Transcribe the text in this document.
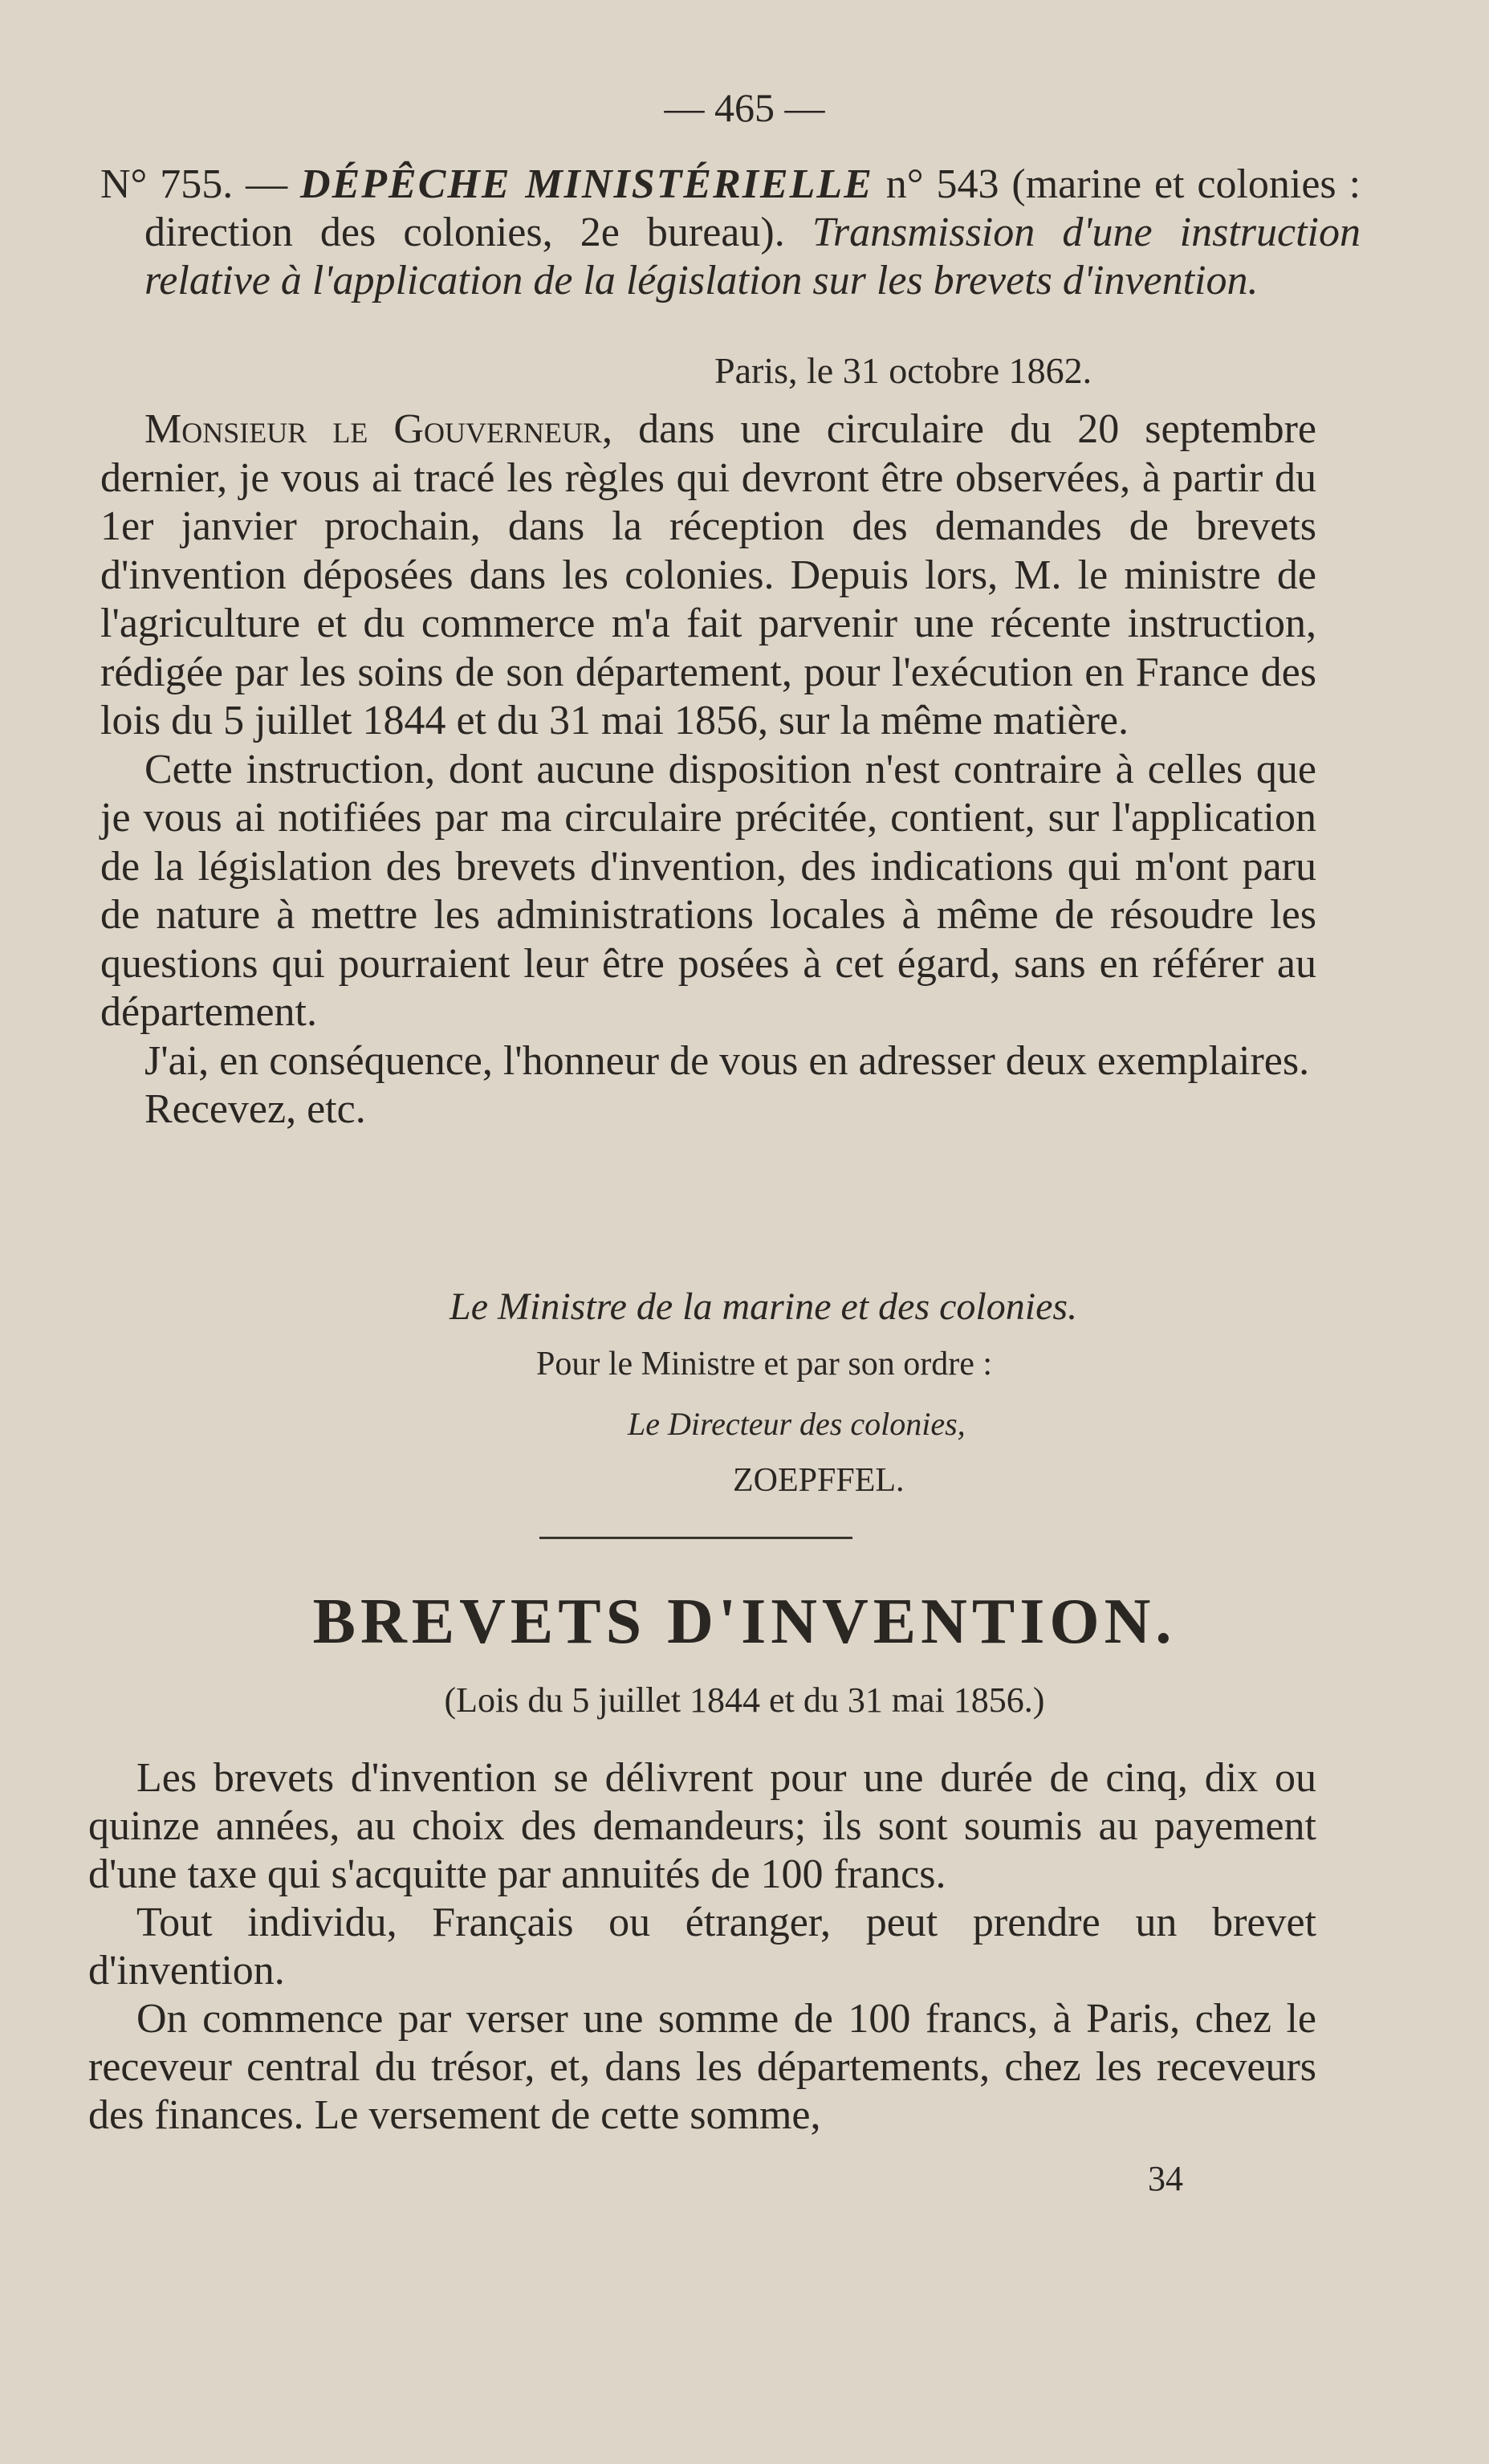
— 465 —
N° 755. — DÉPÊCHE MINISTÉRIELLE n° 543 (marine et colonies : direction des colonies, 2e bureau). Transmission d'une instruction relative à l'application de la législation sur les brevets d'invention.
Paris, le 31 octobre 1862.

Monsieur le Gouverneur, dans une circulaire du 20 septembre dernier, je vous ai tracé les règles qui devront être observées, à partir du 1er janvier prochain, dans la réception des demandes de brevets d'invention déposées dans les colonies. Depuis lors, M. le ministre de l'agriculture et du commerce m'a fait parvenir une récente instruction, rédigée par les soins de son département, pour l'exécution en France des lois du 5 juillet 1844 et du 31 mai 1856, sur la même matière.

Cette instruction, dont aucune disposition n'est contraire à celles que je vous ai notifiées par ma circulaire précitée, contient, sur l'application de la législation des brevets d'invention, des indications qui m'ont paru de nature à mettre les administrations locales à même de résoudre les questions qui pourraient leur être posées à cet égard, sans en référer au département.

J'ai, en conséquence, l'honneur de vous en adresser deux exemplaires.

Recevez, etc.

Le Ministre de la marine et des colonies.
Pour le Ministre et par son ordre :
Le Directeur des colonies,
ZOEPFFEL.
BREVETS D'INVENTION.
(Lois du 5 juillet 1844 et du 31 mai 1856.)

Les brevets d'invention se délivrent pour une durée de cinq, dix ou quinze années, au choix des demandeurs; ils sont soumis au payement d'une taxe qui s'acquitte par annuités de 100 francs.

Tout individu, Français ou étranger, peut prendre un brevet d'invention.

On commence par verser une somme de 100 francs, à Paris, chez le receveur central du trésor, et, dans les départements, chez les receveurs des finances. Le versement de cette somme,

34
